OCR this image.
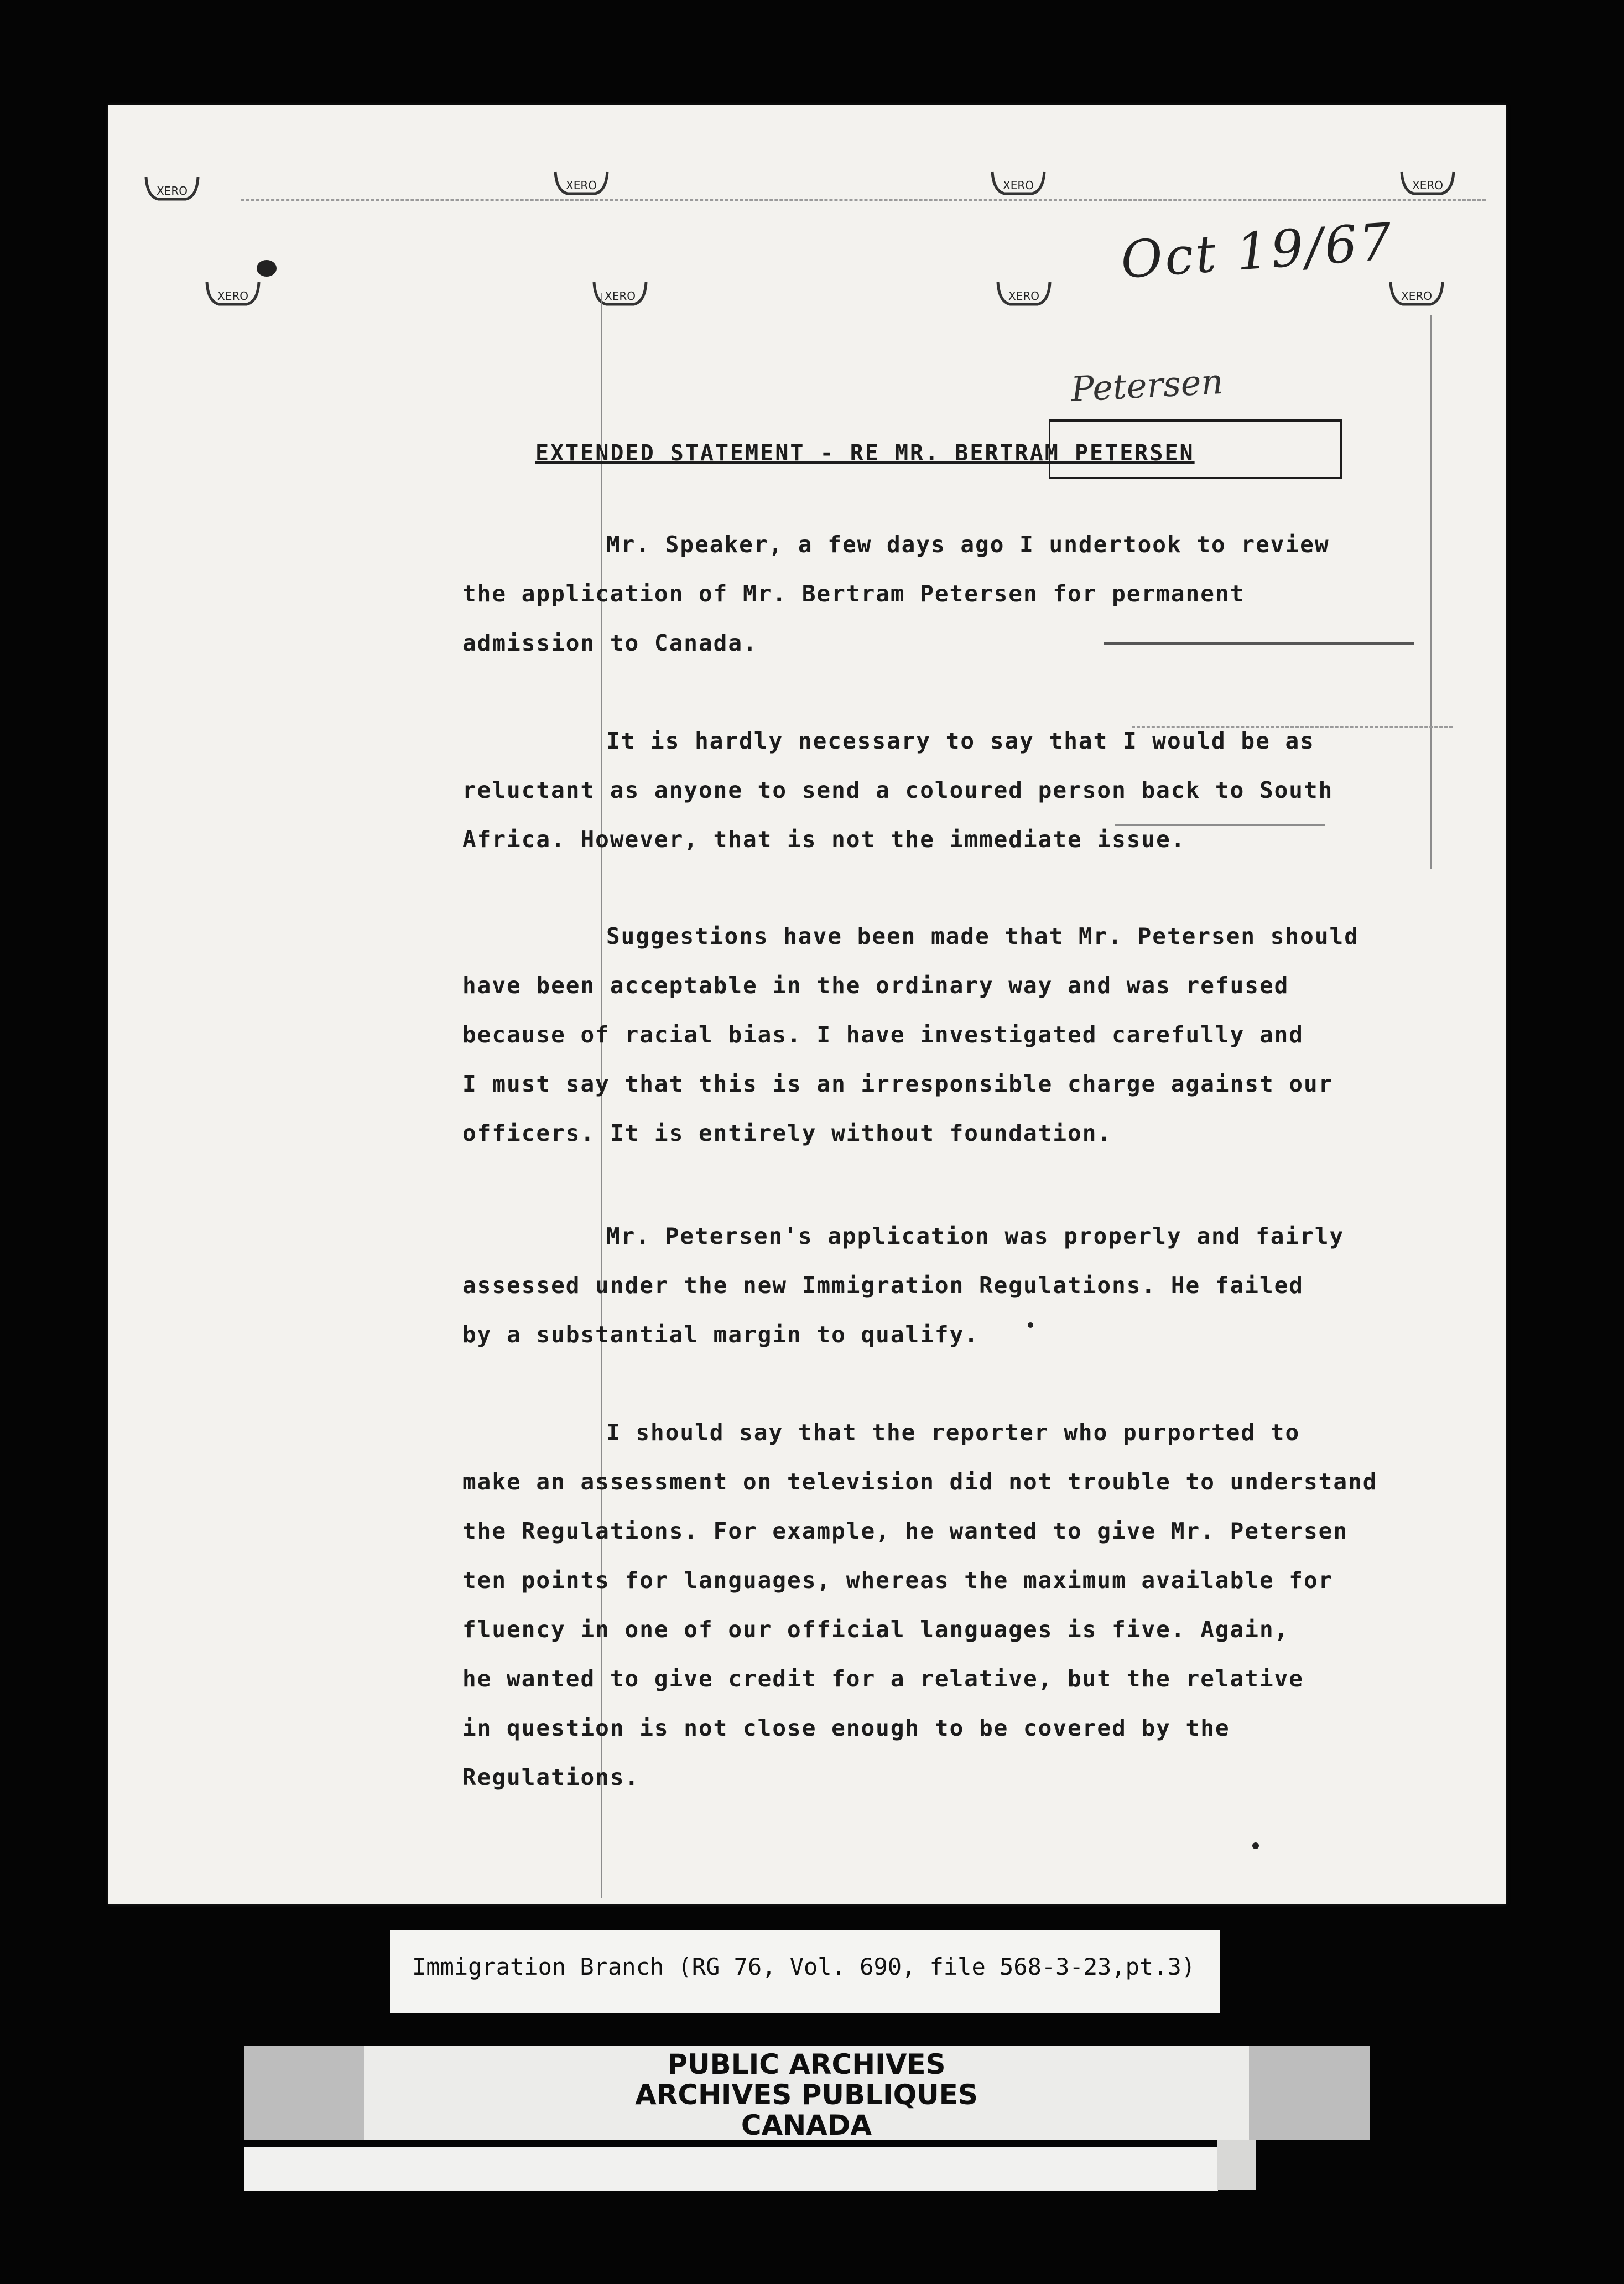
XERO	XERO	XERO	XERO
XERO	XERO	XERO	XERO
Oct 19/67
Petersen
EXTENDED STATEMENT - RE MR. BERTRAM PETERSEN
Mr. Speaker, a few days ago I undertook to review
the application of Mr. Bertram Petersen for permanent
admission to Canada.
It is hardly necessary to say that I would be as
reluctant as anyone to send a coloured person back to South
Africa. However, that is not the immediate issue.
Suggestions have been made that Mr. Petersen should
have been acceptable in the ordinary way and was refused
because of racial bias. I have investigated carefully and
I must say that this is an irresponsible charge against our
officers. It is entirely without foundation.
Mr. Petersen's application was properly and fairly
assessed under the new Immigration Regulations. He failed
by a substantial margin to qualify.
I should say that the reporter who purported to
make an assessment on television did not trouble to understand
the Regulations. For example, he wanted to give Mr. Petersen
ten points for languages, whereas the maximum available for
fluency in one of our official languages is five. Again,
he wanted to give credit for a relative, but the relative
in question is not close enough to be covered by the
Regulations.
Immigration Branch (RG 76, Vol. 690, file 568-3-23,pt.3)
PUBLIC ARCHIVES
ARCHIVES PUBLIQUES
CANADA
